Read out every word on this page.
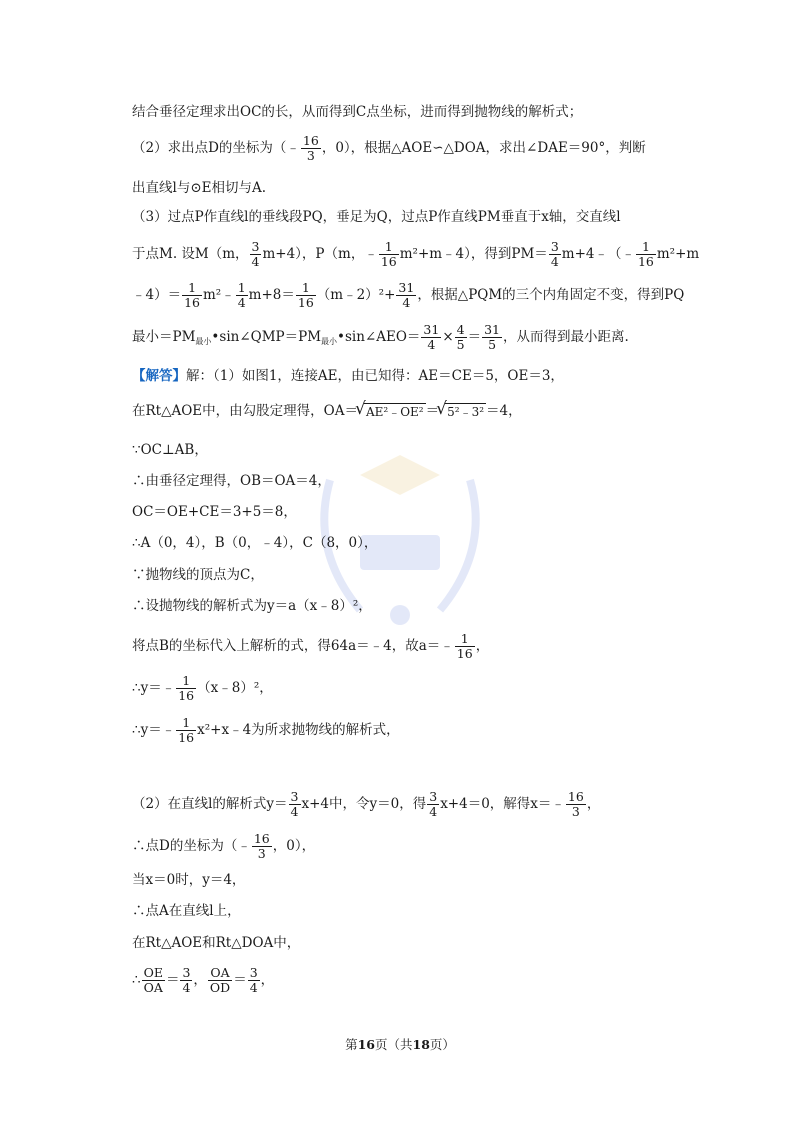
结合垂径定理求出OC的长，从而得到C点坐标，进而得到抛物线的解析式；
（2）求出点D的坐标为（﹣ $\frac{16}{3}$ ，0），根据△AOE∽△DOA，求出∠DAE＝90°，判断
出直线l与⊙E相切与A.
（3）过点P作直线l的垂线段PQ，垂足为Q，过点P作直线PM垂直于x轴，交直线l
于点M. 设M（m， $\frac{3}{4} m+4$），P（m，﹣ $\frac{1}{16}$ m²+m﹣4），得到$PM= \frac{3}{4}$ m+4﹣（﹣ $\frac{1}{16} m^2+m$
﹣4）＝ $\frac{1}{16}$ m²﹣ $\frac{1}{4} m+8= \frac{1}{16}$ （m﹣2）²+ $\frac{31}{4}$ ，根据△PQM的三个内角固定不变，得到PQ
最小$=PM_{最小}•\sin\angle QMP=PM_{最小}•\sin\angle AEO= \frac{31}{4} \times \frac{4}{5} = \frac{31}{5}$ ，从而得到最小距离.
【解答】解：（1）如图1，连接AE，由已知得：AE＝CE＝5，OE＝3，
在Rt△AOE中，由勾股定理得，OA＝ √ AE²﹣OE² ＝ √ 5²﹣3² ＝4，
∵OC⊥AB，
∴由垂径定理得，OB＝OA＝4，
OC＝OE+CE＝3+5＝8，
∴A（0，4），B（0，﹣4），C（8，0），
∵抛物线的顶点为C，
∴设抛物线的解析式为y＝a（x﹣8）²，
将点B的坐标代入上解析的式，得64a＝﹣4，故a＝﹣ $\frac{1}{16}$ ，
∴y＝﹣ $\frac{1}{16}$ （x﹣8）²，
∴y＝﹣ $\frac{1}{16}$ x²+x﹣4为所求抛物线的解析式，
（2）在直线l的解析式$y= \frac{3}{4} x+4$中，令y＝0，得 $\frac{3}{4} x+4=0$，解得x＝﹣ $\frac{16}{3}$ ，
∴点D的坐标为（﹣ $\frac{16}{3}$ ，0），
当x＝0时，y＝4，
∴点A在直线l上，
在Rt△AOE和Rt△DOA中，
∴ $\frac{OE}{OA} = \frac{3}{4}$ ， $\frac{OA}{OD} = \frac{3}{4}$ ，
第16页（共18页）
